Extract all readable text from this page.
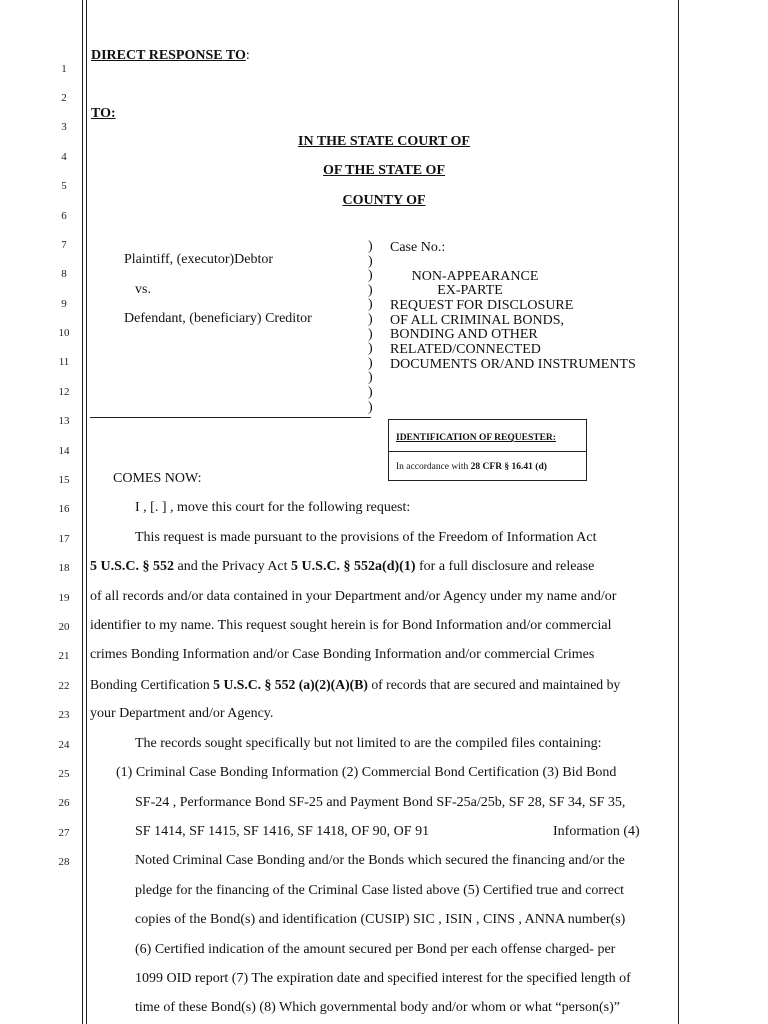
1
2
3
4
5
6
7
8
9
10
11
12
13
14
15
16
17
18
19
20
21
22
23
24
25
26
27
28
DIRECT RESPONSE TO:
TO:
IN THE STATE COURT OF
OF THE STATE OF
COUNTY OF
Plaintiff, (executor)Debtor
vs.
Defendant, (beneficiary) Creditor
)
)
)
)
)
)
)
)
)
)
)
)
Case No.:
NON-APPEARANCE
EX-PARTE
REQUEST FOR DISCLOSURE
OF ALL CRIMINAL BONDS,
BONDING AND OTHER
RELATED/CONNECTED
DOCUMENTS OR/AND INSTRUMENTS
IDENTIFICATION OF REQUESTER:
In accordance with 28 CFR § 16.41 (d)
COMES NOW:
I , [. ] , move this court for the following request:
This request is made pursuant to the provisions of the Freedom of Information Act
5 U.S.C. § 552 and the Privacy Act 5 U.S.C. § 552a(d)(1) for a full disclosure and release
of all records and/or data contained in your Department and/or Agency under my name and/or
identifier to my name. This request sought herein is for Bond Information and/or commercial
crimes Bonding Information and/or Case Bonding Information and/or commercial Crimes
Bonding Certification 5 U.S.C. § 552 (a)(2)(A)(B) of records that are secured and maintained by
your Department and/or Agency.
The records sought specifically but not limited to are the compiled files containing:
(1) Criminal Case Bonding Information (2) Commercial Bond Certification (3) Bid Bond
SF-24 , Performance Bond SF-25 and Payment Bond SF-25a/25b, SF 28, SF 34, SF 35,
SF 1414, SF 1415, SF 1416, SF 1418, OF 90, OF 91	Information (4)
Noted Criminal Case Bonding and/or the Bonds which secured the financing and/or the
pledge for the financing of the Criminal Case listed above (5) Certified true and correct
copies of the Bond(s) and identification (CUSIP) SIC , ISIN , CINS , ANNA number(s)
(6) Certified indication of the amount secured per Bond per each offense charged- per
1099 OID report (7) The expiration date and specified interest for the specified length of
time of these Bond(s) (8) Which governmental body and/or whom or what “person(s)”
